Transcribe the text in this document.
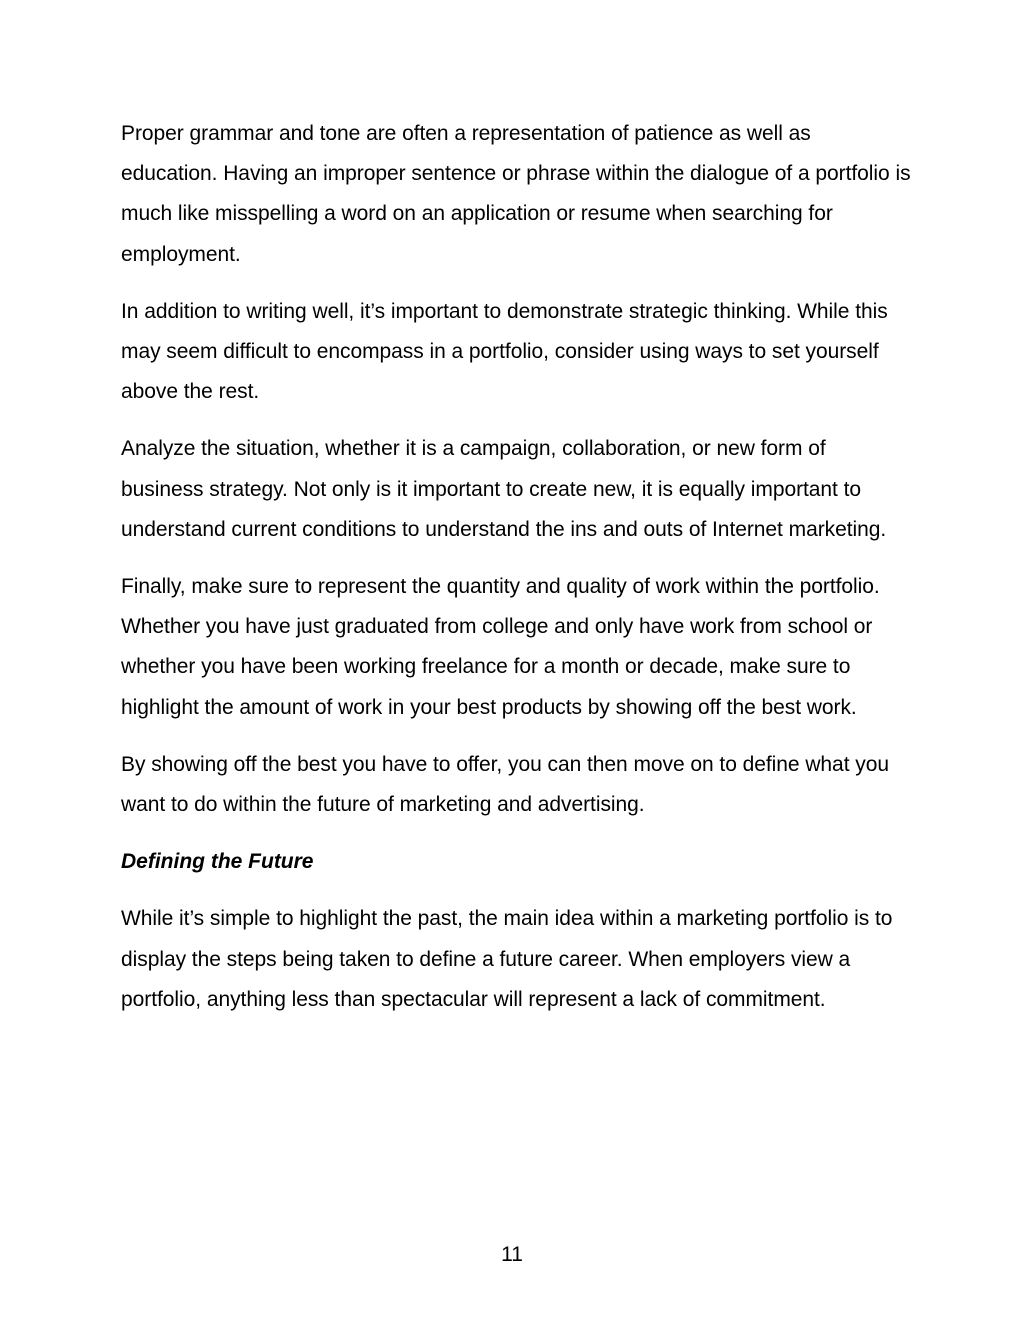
Proper grammar and tone are often a representation of patience as well as education. Having an improper sentence or phrase within the dialogue of a portfolio is much like misspelling a word on an application or resume when searching for employment.

In addition to writing well, it’s important to demonstrate strategic thinking. While this may seem difficult to encompass in a portfolio, consider using ways to set yourself above the rest.

Analyze the situation, whether it is a campaign, collaboration, or new form of business strategy. Not only is it important to create new, it is equally important to understand current conditions to understand the ins and outs of Internet marketing.

Finally, make sure to represent the quantity and quality of work within the portfolio. Whether you have just graduated from college and only have work from school or whether you have been working freelance for a month or decade, make sure to highlight the amount of work in your best products by showing off the best work.

By showing off the best you have to offer, you can then move on to define what you want to do within the future of marketing and advertising.

Defining the Future

While it’s simple to highlight the past, the main idea within a marketing portfolio is to display the steps being taken to define a future career. When employers view a portfolio, anything less than spectacular will represent a lack of commitment.

11
